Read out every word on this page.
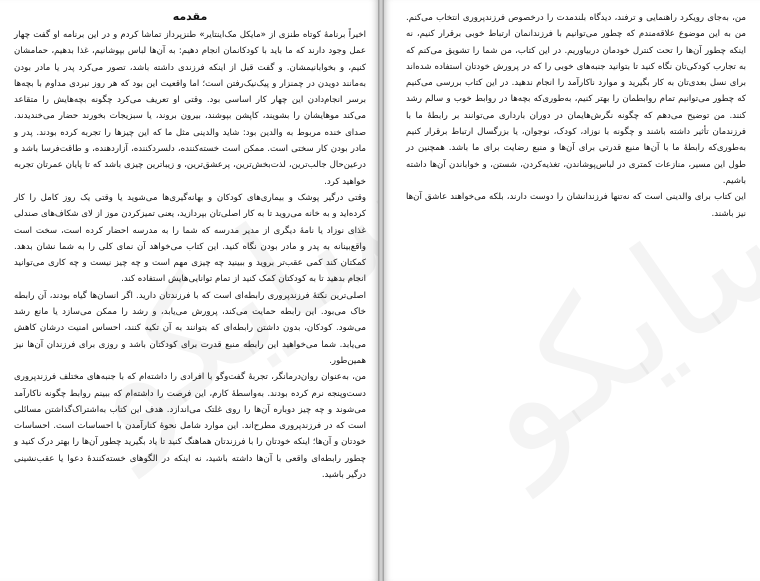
مقدمه

اخیراً برنامهٔ کوتاه طنزی از «مایکل مک‌اینتایر» طنزپرداز تماشا کردم و در این برنامه او گفت چهار عمل وجود دارند که ما باید با کودکانمان انجام دهیم: به آن‌ها لباس بپوشانیم، غذا بدهیم، حمامشان کنیم، و بخوابانیمشان. و گفت قبل از اینکه فرزندی داشته باشد، تصور می‌کرد پدر یا مادر بودن به‌مانند دویدن در چمنزار و پیک‌نیک‌رفتن است؛ اما واقعیت این بود که هر روز نبردی مداوم با بچه‌ها برسر انجام‌دادن این چهار کار اساسی بود. وقتی او تعریف می‌کرد چگونه بچه‌هایش را متقاعد می‌کند موهایشان را بشویند، کاپشن بپوشند، بیرون بروند، یا سبزیجات بخورند حضار می‌خندیدند. صدای خنده مربوط به والدین بود: شاید والدینی مثل ما که این چیزها را تجربه کرده بودند. پدر و مادر بودن کار سختی است. ممکن است خسته‌کننده، دلسردکننده، آزاردهنده، و طاقت‌فرسا باشد و درعین‌حال جالب‌ترین، لذت‌بخش‌ترین، پرعشق‌ترین، و زیباترین چیزی باشد که تا پایان عمرتان تجربه خواهید کرد.

وقتی درگیر پوشک و بیماری‌های کودکان و بهانه‌گیری‌ها می‌شوید یا وقتی یک روز کامل را کار کرده‌اید و به خانه می‌روید تا به کار اصلی‌تان بپردازید، یعنی تمیزکردن موز از لای شکاف‌های صندلی غذای نوزاد یا نامهٔ دیگری از مدیر مدرسه که شما را به مدرسه احضار کرده است، سخت است واقع‌بینانه به پدر و مادر بودن نگاه کنید. این کتاب می‌خواهد آن نمای کلی را به شما نشان بدهد. کمکتان کند کمی عقب‌تر بروید و ببینید چه چیزی مهم است و چه چیز نیست و چه کاری می‌توانید انجام بدهید تا به کودکتان کمک کنید از تمام توانایی‌هایش استفاده کند.

اصلی‌ترین نکتهٔ فرزندپروری رابطه‌ای است که با فرزندتان دارید. اگر انسان‌ها گیاه بودند، آن رابطه خاک می‌بود. این رابطه حمایت می‌کند، پرورش می‌یابد، و رشد را ممکن می‌سازد یا مانع رشد می‌شود. کودکان، بدون داشتن رابطه‌ای که بتوانند به آن تکیه کنند، احساس امنیت درشان کاهش می‌یابد. شما می‌خواهید این رابطه منبع قدرت برای کودکتان باشد و روزی برای فرزندان آن‌ها نیز همین‌طور.

من، به‌عنوان روان‌درمانگر، تجربهٔ گفت‌وگو با افرادی را داشته‌ام که با جنبه‌های مختلف فرزندپروری دست‌وپنجه نرم کرده بودند. به‌واسطهٔ کارم، این فرصت را داشته‌ام که ببینم روابط چگونه ناکارآمد می‌شوند و چه چیز دوباره آن‌ها را روی غلتک می‌اندازد. هدف این کتاب به‌اشتراک‌گذاشتن مسائلی است که در فرزندپروری مطرح‌اند. این موارد شامل نحوهٔ کنارآمدن با احساسات است. احساسات خودتان و آن‌ها؛ اینکه خودتان را با فرزندتان هماهنگ کنید تا یاد بگیرید چطور آن‌ها را بهتر درک کنید و چطور رابطه‌ای واقعی با آن‌ها داشته باشید، نه اینکه در الگوهای خسته‌کنندهٔ دعوا یا عقب‌نشینی درگیر باشید.

من، به‌جای رویکرد راهنمایی و ترفند، دیدگاه بلندمدت را درخصوص فرزندپروری انتخاب می‌کنم. من به این موضوع علاقه‌مندم که چطور می‌توانیم با فرزندانمان ارتباط خوبی برقرار کنیم، نه اینکه چطور آن‌ها را تحت کنترل خودمان دربیاوریم. در این کتاب، من شما را تشویق می‌کنم که به تجارب کودکی‌تان نگاه کنید تا بتوانید جنبه‌های خوبی را که در پرورش خودتان استفاده شده‌اند برای نسل بعدی‌تان به کار بگیرید و موارد ناکارآمد را انجام ندهید. در این کتاب بررسی می‌کنیم که چطور می‌توانیم تمام روابطمان را بهتر کنیم، به‌طوری‌که بچه‌ها در روابط خوب و سالم رشد کنند. من توضیح می‌دهم که چگونه نگرش‌هایمان در دوران بارداری می‌توانند بر رابطهٔ ما با فرزندمان تأثیر داشته باشند و چگونه با نوزاد، کودک، نوجوان، یا بزرگسال ارتباط برقرار کنیم به‌طوری‌که رابطهٔ ما با آن‌ها منبع قدرتی برای آن‌ها و منبع رضایت برای ما باشد. همچنین در طول این مسیر، منازعات کمتری در لباس‌پوشاندن، تغذیه‌کردن، شستن، و خواباندن آن‌ها داشته باشیم.

این کتاب برای والدینی است که نه‌تنها فرزندانشان را دوست دارند، بلکه می‌خواهند عاشق آن‌ها نیز باشند.
